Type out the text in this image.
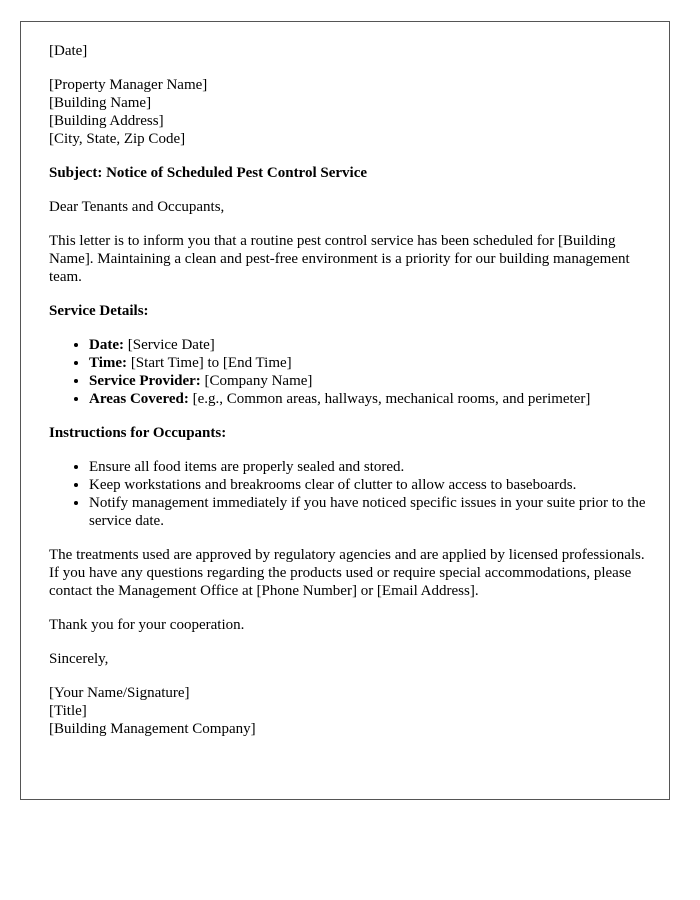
[Date]

[Property Manager Name]
[Building Name]
[Building Address]
[City, State, Zip Code]

Subject: Notice of Scheduled Pest Control Service

Dear Tenants and Occupants,

This letter is to inform you that a routine pest control service has been scheduled for [Building Name]. Maintaining a clean and pest-free environment is a priority for our building management team.

Service Details:

• Date: [Service Date]
• Time: [Start Time] to [End Time]
• Service Provider: [Company Name]
• Areas Covered: [e.g., Common areas, hallways, mechanical rooms, and perimeter]

Instructions for Occupants:

• Ensure all food items are properly sealed and stored.
• Keep workstations and breakrooms clear of clutter to allow access to baseboards.
• Notify management immediately if you have noticed specific issues in your suite prior to the service date.

The treatments used are approved by regulatory agencies and are applied by licensed professionals. If you have any questions regarding the products used or require special accommodations, please contact the Management Office at [Phone Number] or [Email Address].

Thank you for your cooperation.

Sincerely,

[Your Name/Signature]
[Title]
[Building Management Company]
